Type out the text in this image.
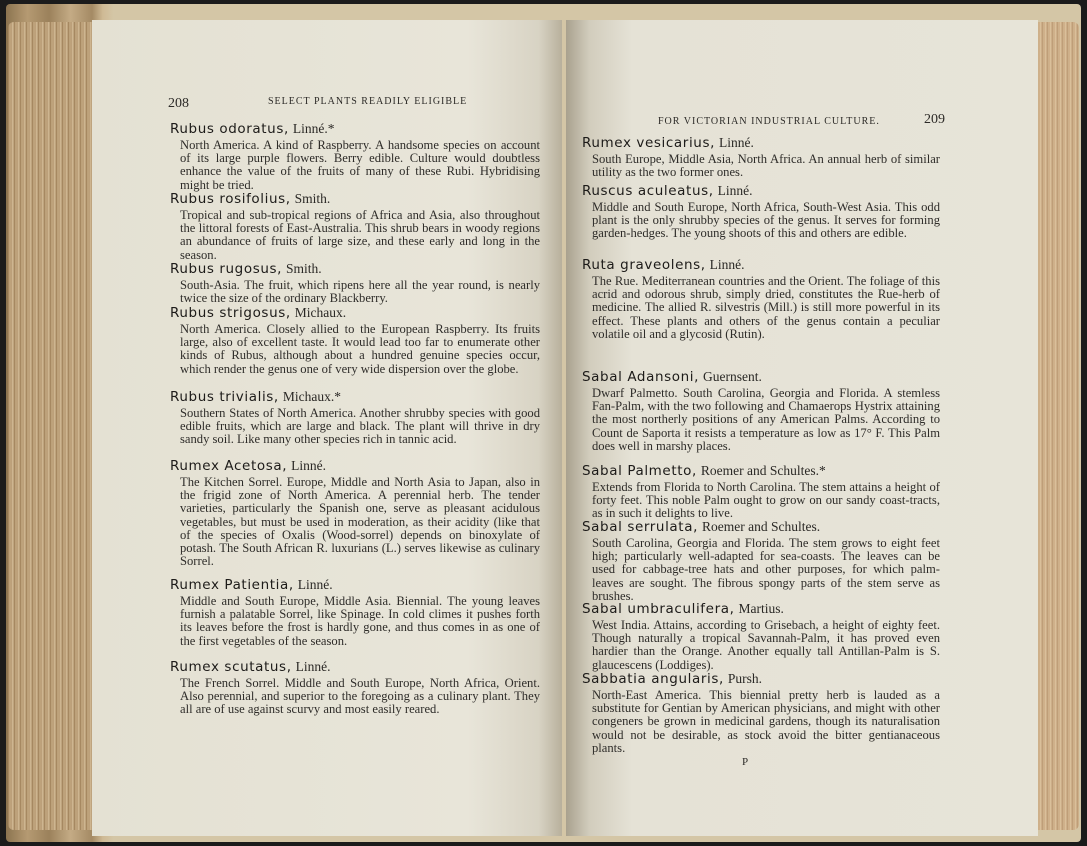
208	SELECT PLANTS READILY ELIGIBLE
Rubus odoratus, Linné.*
North America. A kind of Raspberry. A handsome species on account of its large purple flowers. Berry edible. Culture would doubtless enhance the value of the fruits of many of these Rubi. Hybridising might be tried.
Rubus rosifolius, Smith.
Tropical and sub-tropical regions of Africa and Asia, also throughout the littoral forests of East-Australia. This shrub bears in woody regions an abundance of fruits of large size, and these early and long in the season.
Rubus rugosus, Smith.
South-Asia. The fruit, which ripens here all the year round, is nearly twice the size of the ordinary Blackberry.
Rubus strigosus, Michaux.
North America. Closely allied to the European Raspberry. Its fruits large, also of excellent taste. It would lead too far to enumerate other kinds of Rubus, although about a hundred genuine species occur, which render the genus one of very wide dispersion over the globe.
Rubus trivialis, Michaux.*
Southern States of North America. Another shrubby species with good edible fruits, which are large and black. The plant will thrive in dry sandy soil. Like many other species rich in tannic acid.
Rumex Acetosa, Linné.
The Kitchen Sorrel. Europe, Middle and North Asia to Japan, also in the frigid zone of North America. A perennial herb. The tender varieties, particularly the Spanish one, serve as pleasant acidulous vegetables, but must be used in moderation, as their acidity (like that of the species of Oxalis (Wood-sorrel) depends on binoxylate of potash. The South African R. luxurians (L.) serves likewise as culinary Sorrel.
Rumex Patientia, Linné.
Middle and South Europe, Middle Asia. Biennial. The young leaves furnish a palatable Sorrel, like Spinage. In cold climes it pushes forth its leaves before the frost is hardly gone, and thus comes in as one of the first vegetables of the season.
Rumex scutatus, Linné.
The French Sorrel. Middle and South Europe, North Africa, Orient. Also perennial, and superior to the foregoing as a culinary plant. They all are of use against scurvy and most easily reared.
FOR VICTORIAN INDUSTRIAL CULTURE.	209
Rumex vesicarius, Linné.
South Europe, Middle Asia, North Africa. An annual herb of similar utility as the two former ones.
Ruscus aculeatus, Linné.
Middle and South Europe, North Africa, South-West Asia. This odd plant is the only shrubby species of the genus. It serves for forming garden-hedges. The young shoots of this and others are edible.
Ruta graveolens, Linné.
The Rue. Mediterranean countries and the Orient. The foliage of this acrid and odorous shrub, simply dried, constitutes the Rue-herb of medicine. The allied R. silvestris (Mill.) is still more powerful in its effect. These plants and others of the genus contain a peculiar volatile oil and a glycosid (Rutin).
Sabal Adansoni, Guernsent.
Dwarf Palmetto. South Carolina, Georgia and Florida. A stemless Fan-Palm, with the two following and Chamaerops Hystrix attaining the most northerly positions of any American Palms. According to Count de Saporta it resists a temperature as low as 17° F. This Palm does well in marshy places.
Sabal Palmetto, Roemer and Schultes.*
Extends from Florida to North Carolina. The stem attains a height of forty feet. This noble Palm ought to grow on our sandy coast-tracts, as in such it delights to live.
Sabal serrulata, Roemer and Schultes.
South Carolina, Georgia and Florida. The stem grows to eight feet high; particularly well-adapted for sea-coasts. The leaves can be used for cabbage-tree hats and other purposes, for which palm-leaves are sought. The fibrous spongy parts of the stem serve as brushes.
Sabal umbraculifera, Martius.
West India. Attains, according to Grisebach, a height of eighty feet. Though naturally a tropical Savannah-Palm, it has proved even hardier than the Orange. Another equally tall Antillan-Palm is S. glaucescens (Loddiges).
Sabbatia angularis, Pursh.
North-East America. This biennial pretty herb is lauded as a substitute for Gentian by American physicians, and might with other congeners be grown in medicinal gardens, though its naturalisation would not be desirable, as stock avoid the bitter gentianaceous plants.
P
